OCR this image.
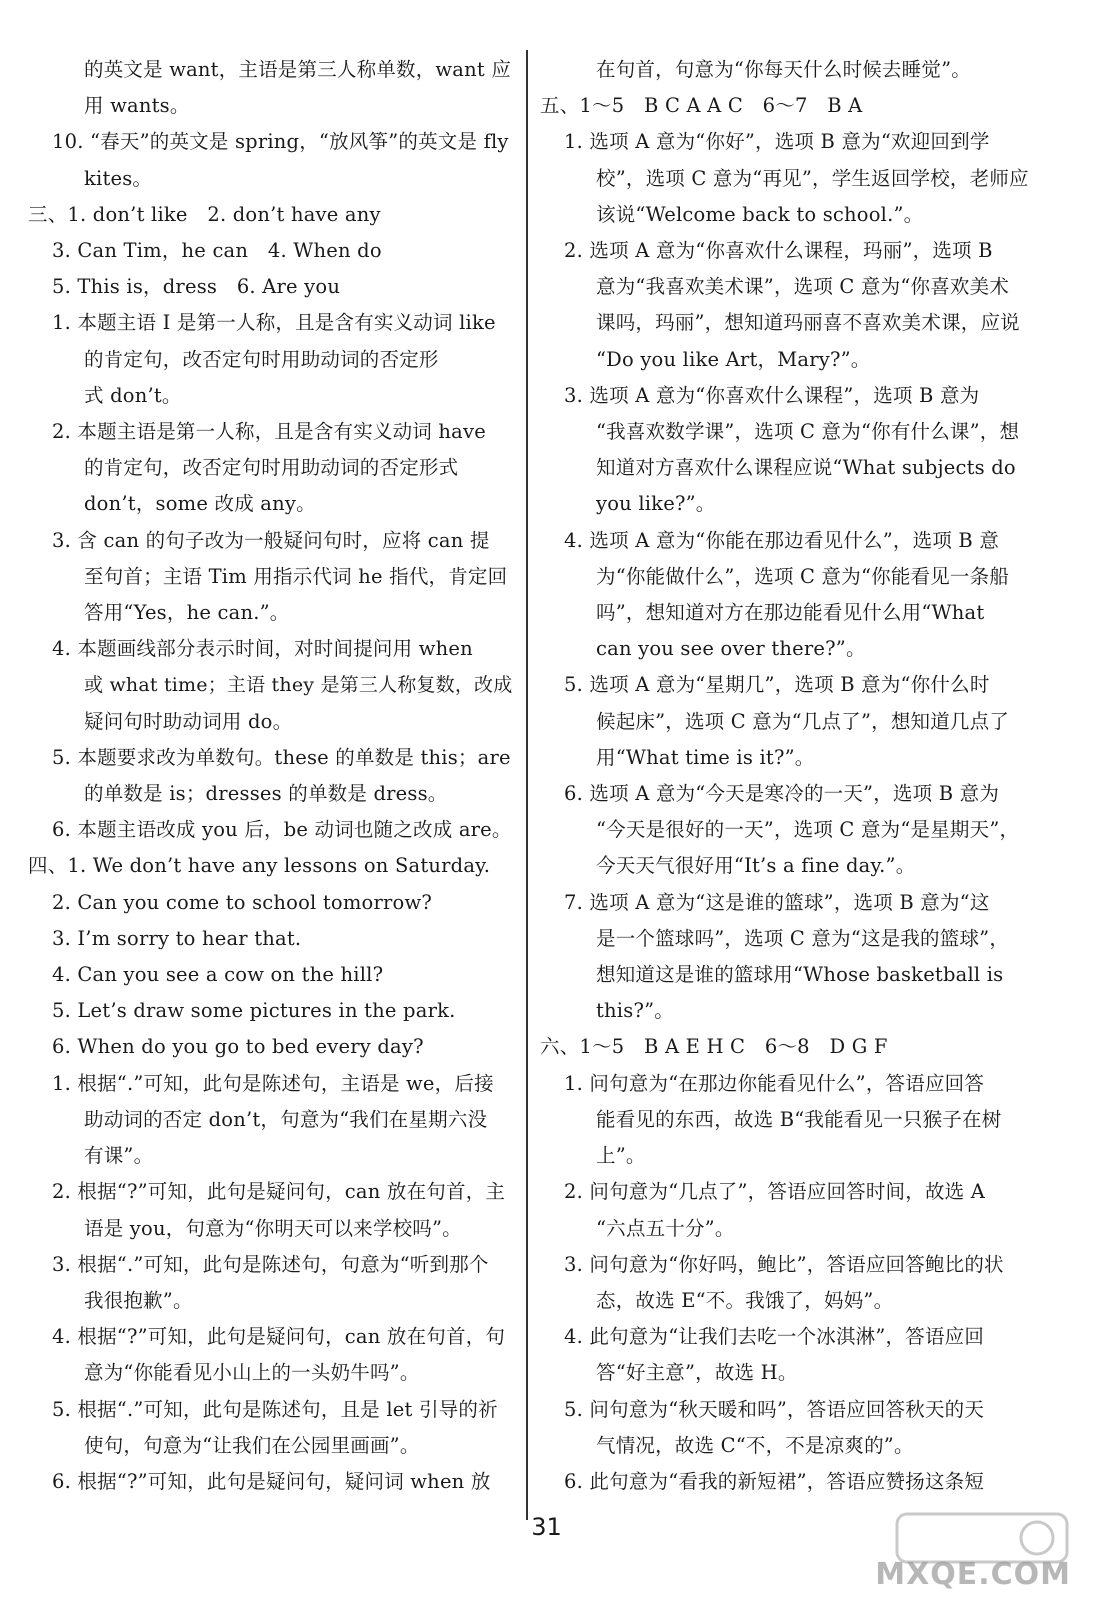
的英文是 want，主语是第三人称单数，want 应
用 wants。
10. “春天”的英文是 spring，“放风筝”的英文是 fly
kites。
三、1. don’t like　2. don’t have any
3. Can Tim，he can　4. When do
5. This is，dress　6. Are you
1. 本题主语 I 是第一人称，且是含有实义动词 like
的肯定句，改否定句时用助动词的否定形
式 don’t。
2. 本题主语是第一人称，且是含有实义动词 have
的肯定句，改否定句时用助动词的否定形式
don’t，some 改成 any。
3. 含 can 的句子改为一般疑问句时，应将 can 提
至句首；主语 Tim 用指示代词 he 指代，肯定回
答用“Yes，he can.”。
4. 本题画线部分表示时间，对时间提问用 when
或 what time；主语 they 是第三人称复数，改成
疑问句时助动词用 do。
5. 本题要求改为单数句。these 的单数是 this；are
的单数是 is；dresses 的单数是 dress。
6. 本题主语改成 you 后，be 动词也随之改成 are。
四、1. We don’t have any lessons on Saturday.
2. Can you come to school tomorrow?
3. I’m sorry to hear that.
4. Can you see a cow on the hill?
5. Let’s draw some pictures in the park.
6. When do you go to bed every day?
1. 根据“.”可知，此句是陈述句，主语是 we，后接
助动词的否定 don’t，句意为“我们在星期六没
有课”。
2. 根据“?”可知，此句是疑问句，can 放在句首，主
语是 you，句意为“你明天可以来学校吗”。
3. 根据“.”可知，此句是陈述句，句意为“听到那个
我很抱歉”。
4. 根据“?”可知，此句是疑问句，can 放在句首，句
意为“你能看见小山上的一头奶牛吗”。
5. 根据“.”可知，此句是陈述句，且是 let 引导的祈
使句，句意为“让我们在公园里画画”。
6. 根据“?”可知，此句是疑问句，疑问词 when 放
在句首，句意为“你每天什么时候去睡觉”。
五、1～5　B C A A C　6～7　B A
1. 选项 A 意为“你好”，选项 B 意为“欢迎回到学
校”，选项 C 意为“再见”，学生返回学校，老师应
该说“Welcome back to school.”。
2. 选项 A 意为“你喜欢什么课程，玛丽”，选项 B
意为“我喜欢美术课”，选项 C 意为“你喜欢美术
课吗，玛丽”，想知道玛丽喜不喜欢美术课，应说
“Do you like Art，Mary?”。
3. 选项 A 意为“你喜欢什么课程”，选项 B 意为
“我喜欢数学课”，选项 C 意为“你有什么课”，想
知道对方喜欢什么课程应说“What subjects do
you like?”。
4. 选项 A 意为“你能在那边看见什么”，选项 B 意
为“你能做什么”，选项 C 意为“你能看见一条船
吗”，想知道对方在那边能看见什么用“What
can you see over there?”。
5. 选项 A 意为“星期几”，选项 B 意为“你什么时
候起床”，选项 C 意为“几点了”，想知道几点了
用“What time is it?”。
6. 选项 A 意为“今天是寒冷的一天”，选项 B 意为
“今天是很好的一天”，选项 C 意为“是星期天”，
今天天气很好用“It’s a fine day.”。
7. 选项 A 意为“这是谁的篮球”，选项 B 意为“这
是一个篮球吗”，选项 C 意为“这是我的篮球”，
想知道这是谁的篮球用“Whose basketball is
this?”。
六、1～5　B A E H C　6～8　D G F
1. 问句意为“在那边你能看见什么”，答语应回答
能看见的东西，故选 B“我能看见一只猴子在树
上”。
2. 问句意为“几点了”，答语应回答时间，故选 A
“六点五十分”。
3. 问句意为“你好吗，鲍比”，答语应回答鲍比的状
态，故选 E“不。我饿了，妈妈”。
4. 此句意为“让我们去吃一个冰淇淋”，答语应回
答“好主意”，故选 H。
5. 问句意为“秋天暖和吗”，答语应回答秋天的天
气情况，故选 C“不，不是凉爽的”。
6. 此句意为“看我的新短裙”，答语应赞扬这条短
31
MXQE.COM
